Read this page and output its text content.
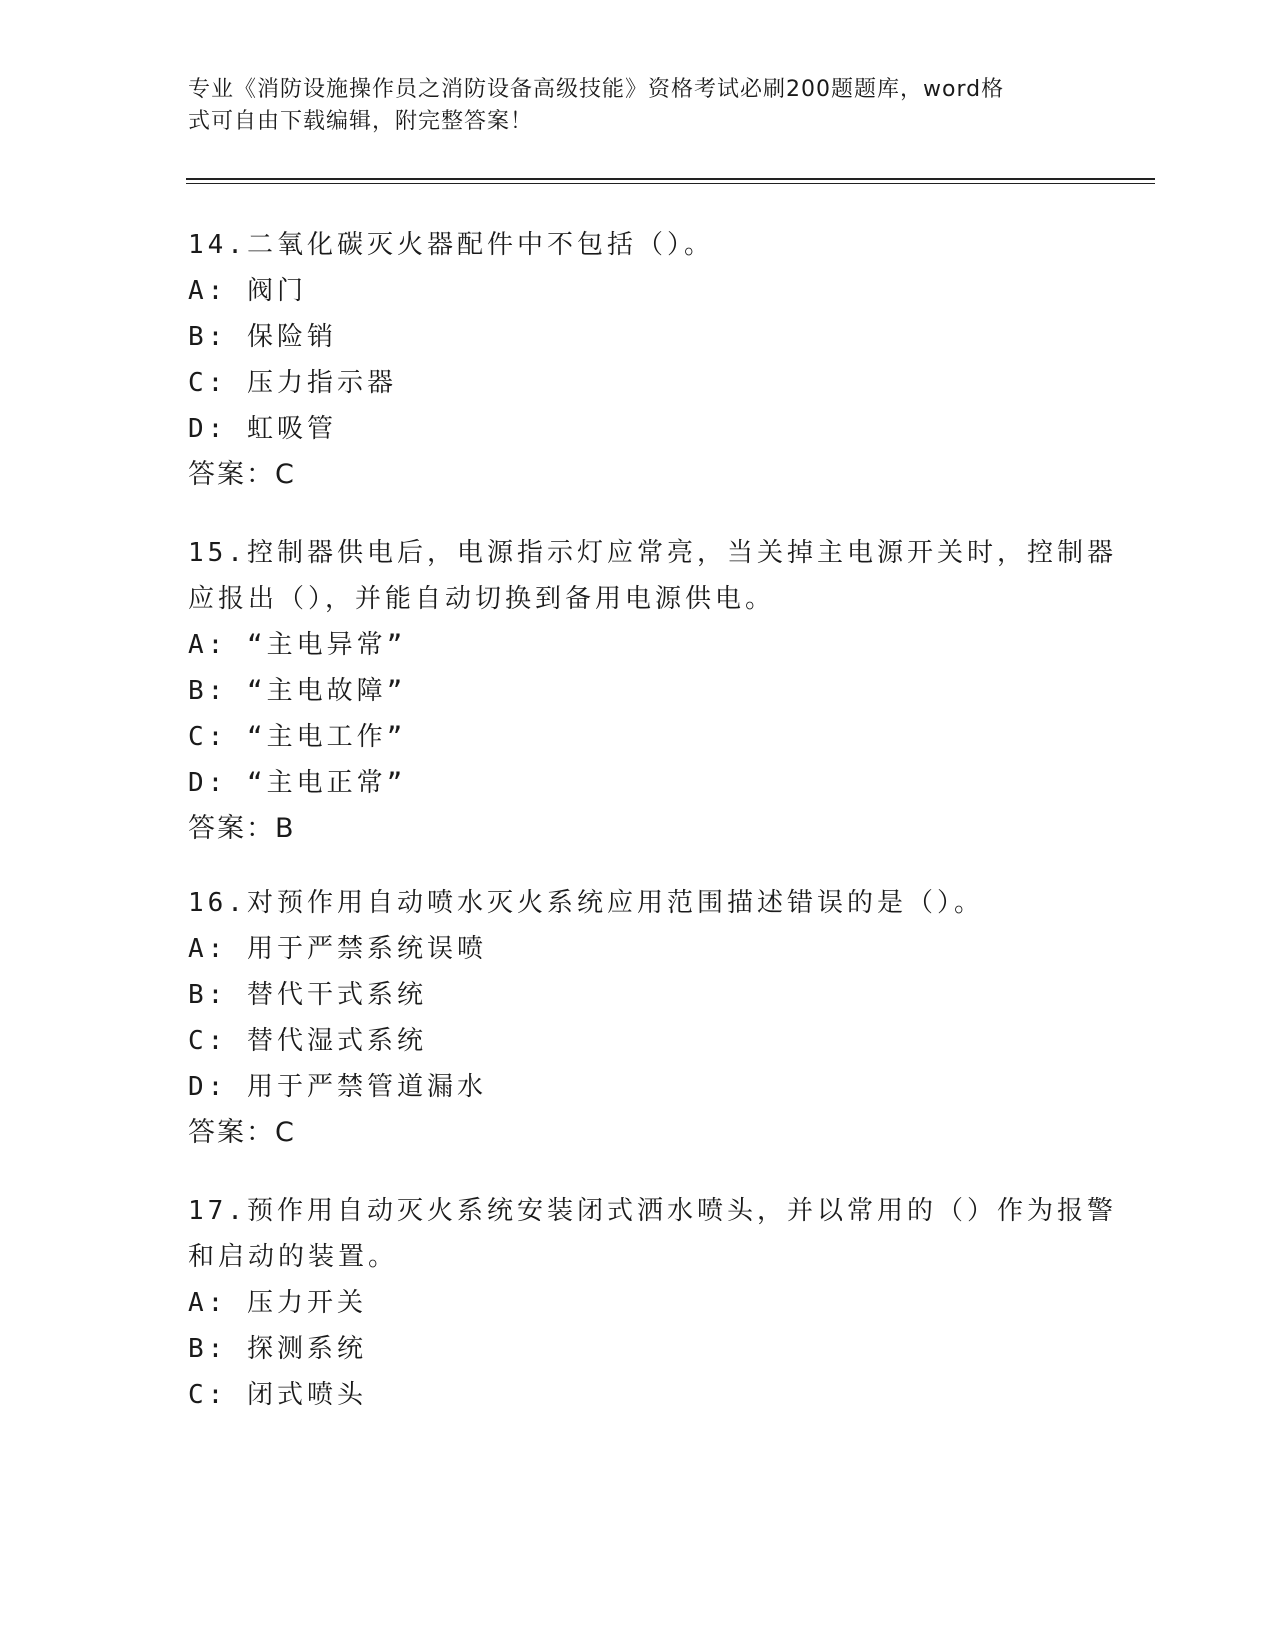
专业《消防设施操作员之消防设备高级技能》资格考试必刷200题题库，word格
式可自由下载编辑，附完整答案！
14.二氧化碳灭火器配件中不包括（）。
A: 阀门
B: 保险销
C: 压力指示器
D: 虹吸管
答案：C
15.控制器供电后，电源指示灯应常亮，当关掉主电源开关时，控制器
应报出（），并能自动切换到备用电源供电。
A: “主电异常”
B: “主电故障”
C: “主电工作”
D: “主电正常”
答案：B
16.对预作用自动喷水灭火系统应用范围描述错误的是（）。
A: 用于严禁系统误喷
B: 替代干式系统
C: 替代湿式系统
D: 用于严禁管道漏水
答案：C
17.预作用自动灭火系统安装闭式洒水喷头，并以常用的（）作为报警
和启动的装置。
A: 压力开关
B: 探测系统
C: 闭式喷头
